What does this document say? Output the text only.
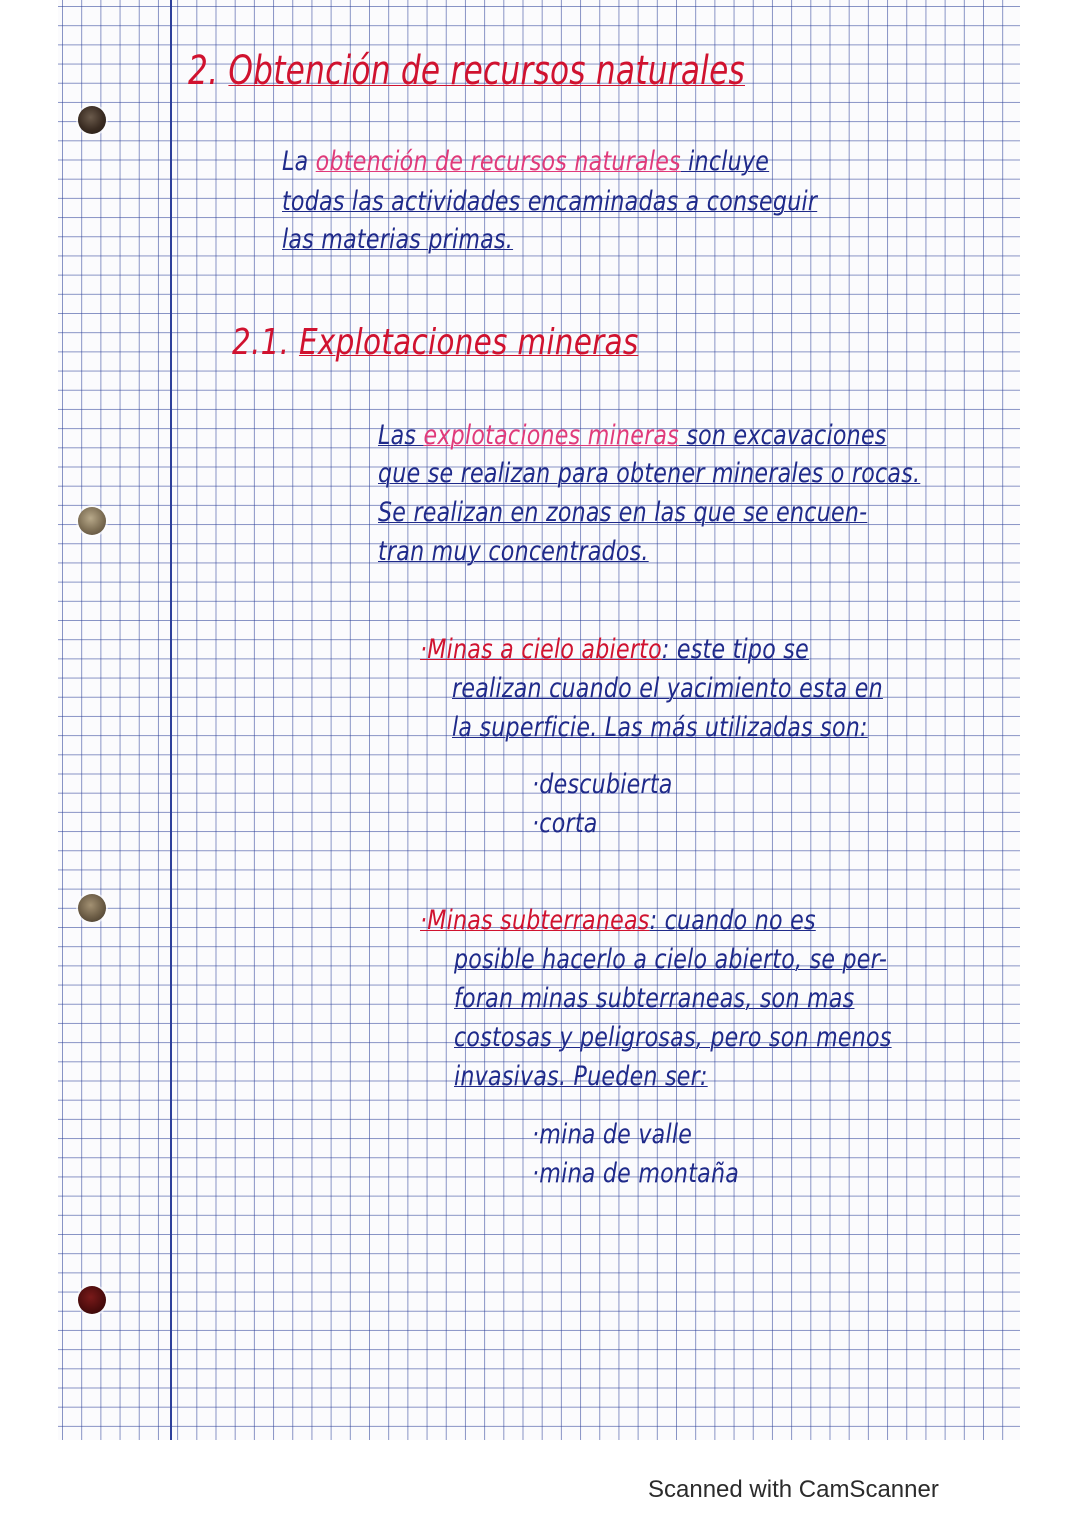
2. Obtención de recursos naturales
La obtención de recursos naturales incluye
todas las actividades encaminadas a conseguir
las materias primas.
2.1. Explotaciones mineras
Las explotaciones mineras son excavaciones
que se realizan para obtener minerales o rocas.
Se realizan en zonas en las que se encuen-
tran muy concentrados.
·Minas a cielo abierto: este tipo se
realizan cuando el yacimiento esta en
la superficie. Las más utilizadas son:
·descubierta
·corta
·Minas subterraneas: cuando no es
posible hacerlo a cielo abierto, se per-
foran minas subterraneas, son mas
costosas y peligrosas, pero son menos
invasivas. Pueden ser:
·mina de valle
·mina de montaña
Scanned with CamScanner
